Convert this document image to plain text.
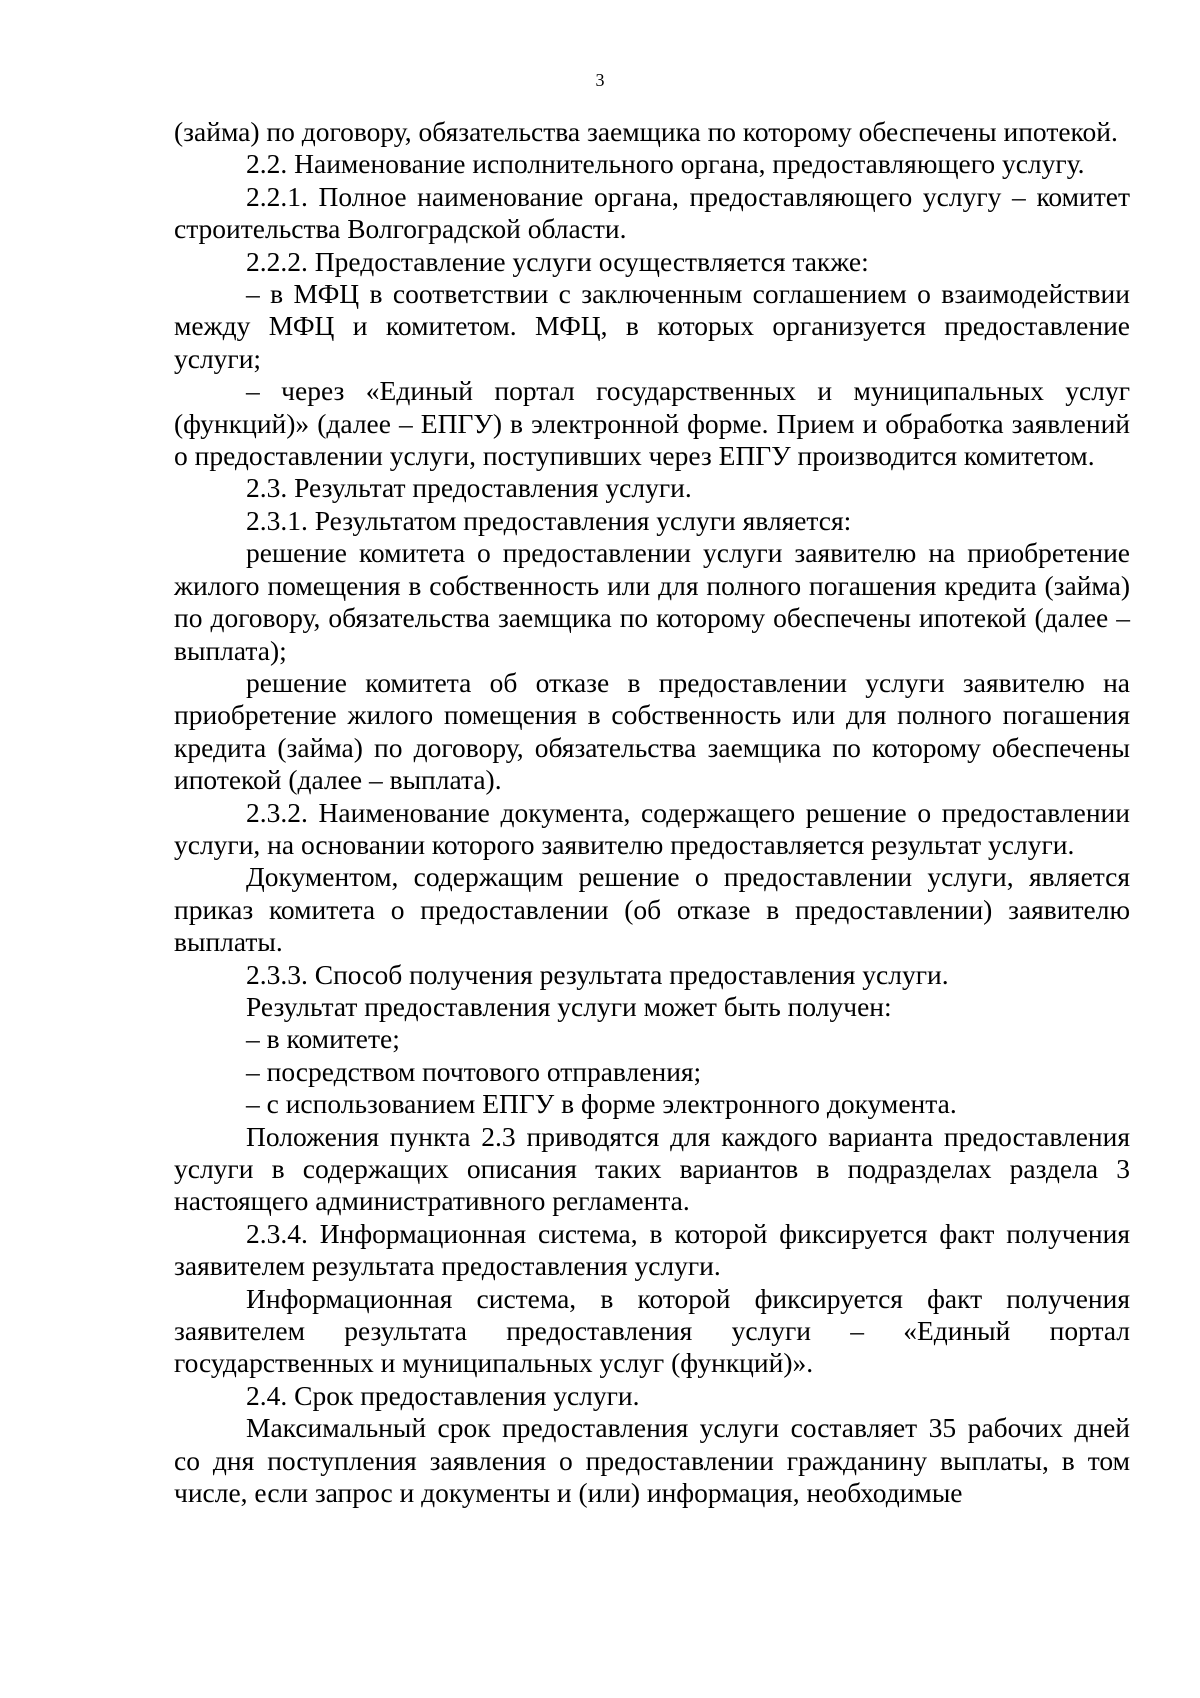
3

(займа) по договору, обязательства заемщика по которому обеспечены ипотекой.

2.2. Наименование исполнительного органа, предоставляющего услугу.

2.2.1. Полное наименование органа, предоставляющего услугу – комитет строительства Волгоградской области.

2.2.2. Предоставление услуги осуществляется также:

– в МФЦ в соответствии с заключенным соглашением о взаимодействии между МФЦ и комитетом. МФЦ, в которых организуется предоставление услуги;

– через «Единый портал государственных и муниципальных услуг (функций)» (далее – ЕПГУ) в электронной форме. Прием и обработка заявлений о предоставлении услуги, поступивших через ЕПГУ производится комитетом.

2.3. Результат предоставления услуги.

2.3.1. Результатом предоставления услуги является:

решение комитета о предоставлении услуги заявителю на приобретение жилого помещения в собственность или для полного погашения кредита (займа) по договору, обязательства заемщика по которому обеспечены ипотекой (далее – выплата);

решение комитета об отказе в предоставлении услуги заявителю на приобретение жилого помещения в собственность или для полного погашения кредита (займа) по договору, обязательства заемщика по которому обеспечены ипотекой (далее – выплата).

2.3.2. Наименование документа, содержащего решение о предоставлении услуги, на основании которого заявителю предоставляется результат услуги.

Документом, содержащим решение о предоставлении услуги, является приказ комитета о предоставлении (об отказе в предоставлении) заявителю выплаты.

2.3.3. Способ получения результата предоставления услуги.

Результат предоставления услуги может быть получен:

– в комитете;

– посредством почтового отправления;

– с использованием ЕПГУ в форме электронного документа.

Положения пункта 2.3 приводятся для каждого варианта предоставления услуги в содержащих описания таких вариантов в подразделах раздела 3 настоящего административного регламента.

2.3.4. Информационная система, в которой фиксируется факт получения заявителем результата предоставления услуги.

Информационная система, в которой фиксируется факт получения заявителем результата предоставления услуги – «Единый портал государственных и муниципальных услуг (функций)».

2.4. Срок предоставления услуги.

Максимальный срок предоставления услуги составляет 35 рабочих дней со дня поступления заявления о предоставлении гражданину выплаты, в том числе, если запрос и документы и (или) информация, необходимые
